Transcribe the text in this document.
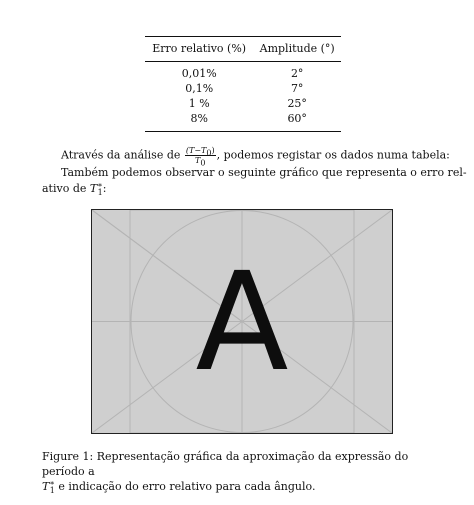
Erro relativo (%)	Amplitude (°)
0,01%	2°
0,1%	7°
1 %	25°
8%	60°
Através da análise de $\frac{(T-T_0)}{T_0}$ , podemos registar os dados numa tabela:
Também podemos observar o seguinte gráfico que representa o erro rel-
ativo de $T^∗_1$:
A
Figure 1: Representação gráfica da aproximação da expressão do período a
$T^∗_1$ e indicação do erro relativo para cada ângulo.
